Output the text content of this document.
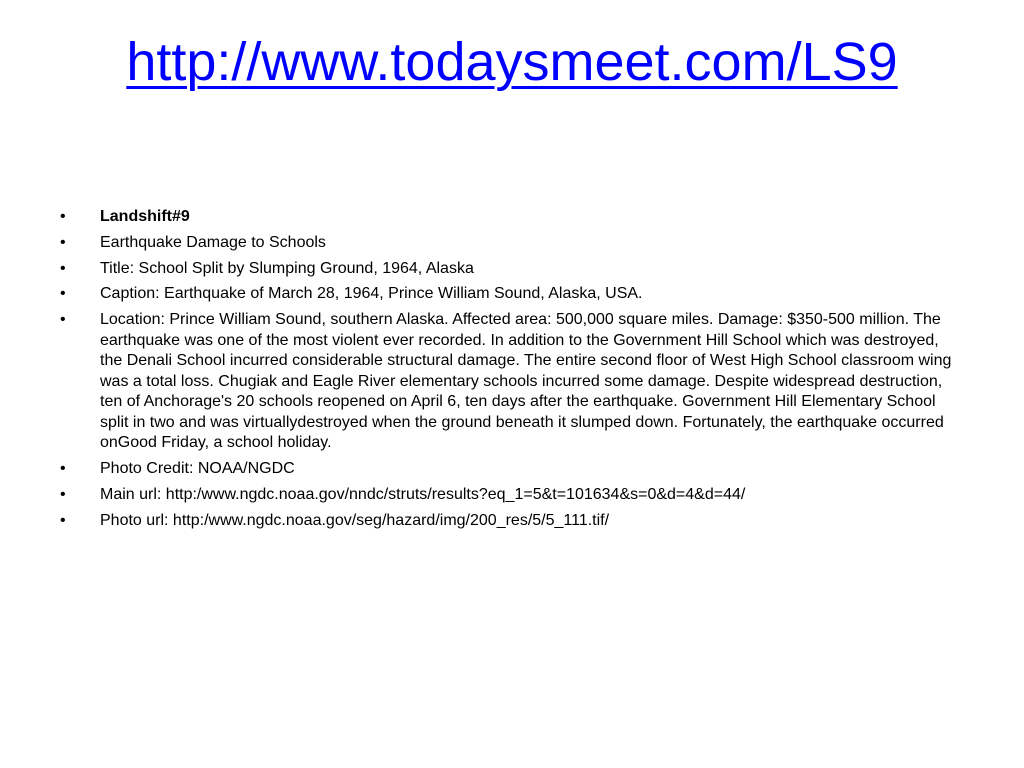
http://www.todaysmeet.com/LS9
•	Landshift#9
•	Earthquake Damage to Schools
•	Title: School Split by Slumping Ground, 1964, Alaska
•	Caption: Earthquake of March 28, 1964, Prince William Sound, Alaska, USA.
•	Location: Prince William Sound, southern Alaska. Affected area: 500,000 square miles. Damage: $350-500 million. The earthquake was one of the most violent ever recorded. In addition to the Government Hill School which was destroyed, the Denali School incurred considerable structural damage. The entire second floor of West High School classroom wing was a total loss. Chugiak and Eagle River elementary schools incurred some damage. Despite widespread destruction, ten of Anchorage's 20 schools reopened on April 6, ten days after the earthquake. Government Hill Elementary School split in two and was virtuallydestroyed when the ground beneath it slumped down. Fortunately, the earthquake occurred onGood Friday, a school holiday.
•	Photo Credit: NOAA/NGDC
•	Main url: http:/www.ngdc.noaa.gov/nndc/struts/results?eq_1=5&t=101634&s=0&d=4&d=44/
•	Photo url: http:/www.ngdc.noaa.gov/seg/hazard/img/200_res/5/5_111.tif/
